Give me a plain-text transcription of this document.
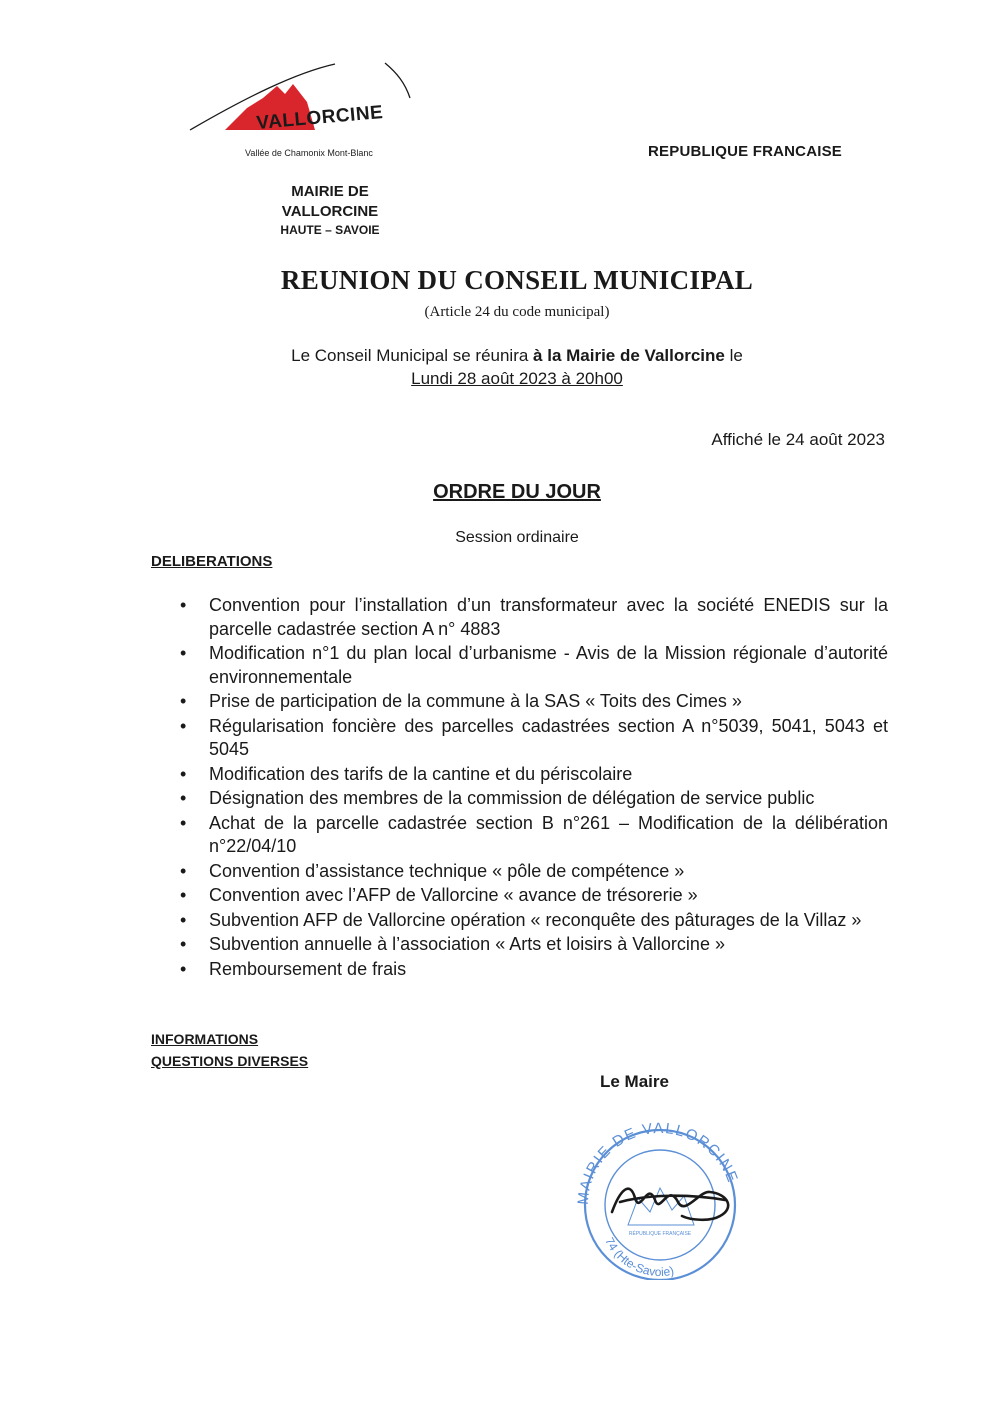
VALLORCINE
Vallée de Chamonix Mont-Blanc	REPUBLIQUE FRANCAISE
MAIRIE DE
VALLORCINE
HAUTE – SAVOIE
REUNION DU CONSEIL MUNICIPAL
(Article 24 du code municipal)
Le Conseil Municipal se réunira à la Mairie de Vallorcine le
Lundi 28 août 2023 à 20h00
Affiché le 24 août 2023
ORDRE DU JOUR
Session ordinaire
DELIBERATIONS
• Convention pour l’installation d’un transformateur avec la société ENEDIS sur la parcelle cadastrée section A n° 4883
• Modification n°1 du plan local d’urbanisme - Avis de la Mission régionale d’autorité environnementale
• Prise de participation de la commune à la SAS « Toits des Cimes »
• Régularisation foncière des parcelles cadastrées section A n°5039, 5041, 5043 et 5045
• Modification des tarifs de la cantine et du périscolaire
• Désignation des membres de la commission de délégation de service public
• Achat de la parcelle cadastrée section B n°261 – Modification de la délibération n°22/04/10
• Convention d’assistance technique « pôle de compétence »
• Convention avec l’AFP de Vallorcine « avance de trésorerie »
• Subvention AFP de Vallorcine opération « reconquête des pâturages de la Villaz »
• Subvention annuelle à l’association « Arts et loisirs à Vallorcine »
• Remboursement de frais
INFORMATIONS
QUESTIONS DIVERSES
Le Maire
MAIRIE DE VALLORCINE
74 (Hte-Savoie)
RÉPUBLIQUE FRANÇAISE
